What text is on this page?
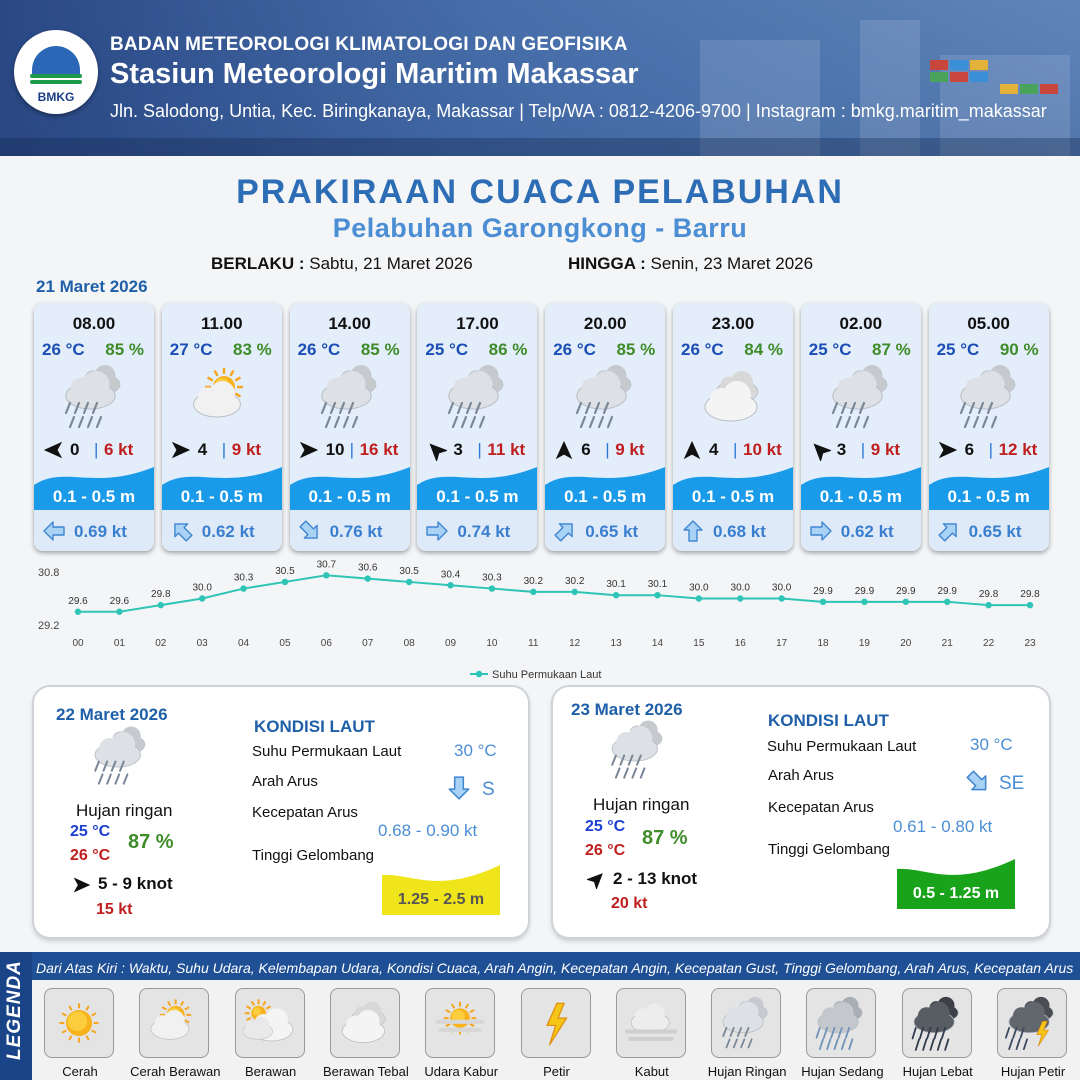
BMKG
BADAN METEOROLOGI KLIMATOLOGI DAN GEOFISIKA
Stasiun Meteorologi Maritim Makassar
Jln. Salodong, Untia, Kec. Biringkanaya, Makassar | Telp/WA : 0812-4206-9700 | Instagram : bmkg.maritim_makassar
PRAKIRAAN CUACA PELABUHAN
Pelabuhan Garongkong - Barru
BERLAKU : Sabtu, 21 Maret 2026	HINGGA : Senin, 23 Maret 2026
21 Maret 2026
08.00
26 °C 85 %
0 | 6 kt
0.1 - 0.5 m
0.69 kt
11.00
27 °C 83 %
4 | 9 kt
0.1 - 0.5 m
0.62 kt
14.00
26 °C 85 %
10 | 16 kt
0.1 - 0.5 m
0.76 kt
17.00
25 °C 86 %
3 | 11 kt
0.1 - 0.5 m
0.74 kt
20.00
26 °C 85 %
6 | 9 kt
0.1 - 0.5 m
0.65 kt
23.00
26 °C 84 %
4 | 10 kt
0.1 - 0.5 m
0.68 kt
02.00
25 °C 87 %
3 | 9 kt
0.1 - 0.5 m
0.62 kt
05.00
25 °C 90 %
6 | 12 kt
0.1 - 0.5 m
0.65 kt
30.8
29.2
29.6
00
29.6
01
29.8
02
30.0
03
30.3
04
30.5
05
30.7
06
30.6
07
30.5
08
30.4
09
30.3
10
30.2
11
30.2
12
30.1
13
30.1
14
30.0
15
30.0
16
30.0
17
29.9
18
29.9
19
29.9
20
29.9
21
29.8
22
29.8
23
Suhu Permukaan Laut
22 Maret 2026
Hujan ringan
25 °C
26 °C
87 %
5 - 9 knot
15 kt
KONDISI LAUT
Suhu Permukaan Laut	30 °C
Arah Arus	S
Kecepatan Arus
0.68 - 0.90 kt
Tinggi Gelombang
1.25 - 2.5 m
23 Maret 2026
Hujan ringan
25 °C
26 °C
87 %
2 - 13 knot
20 kt
KONDISI LAUT
Suhu Permukaan Laut	30 °C
Arah Arus	SE
Kecepatan Arus
0.61 - 0.80 kt
Tinggi Gelombang
0.5 - 1.25 m
LEGENDA Dari Atas Kiri : Waktu, Suhu Udara, Kelembapan Udara, Kondisi Cuaca, Arah Angin, Kecepatan Angin, Kecepatan Gust, Tinggi Gelombang, Arah Arus, Kecepatan Arus
Cerah	Cerah Berawan	Berawan	Berawan Tebal	Udara Kabur	Petir	Kabut	Hujan Ringan	Hujan Sedang	Hujan Lebat	Hujan Petir
